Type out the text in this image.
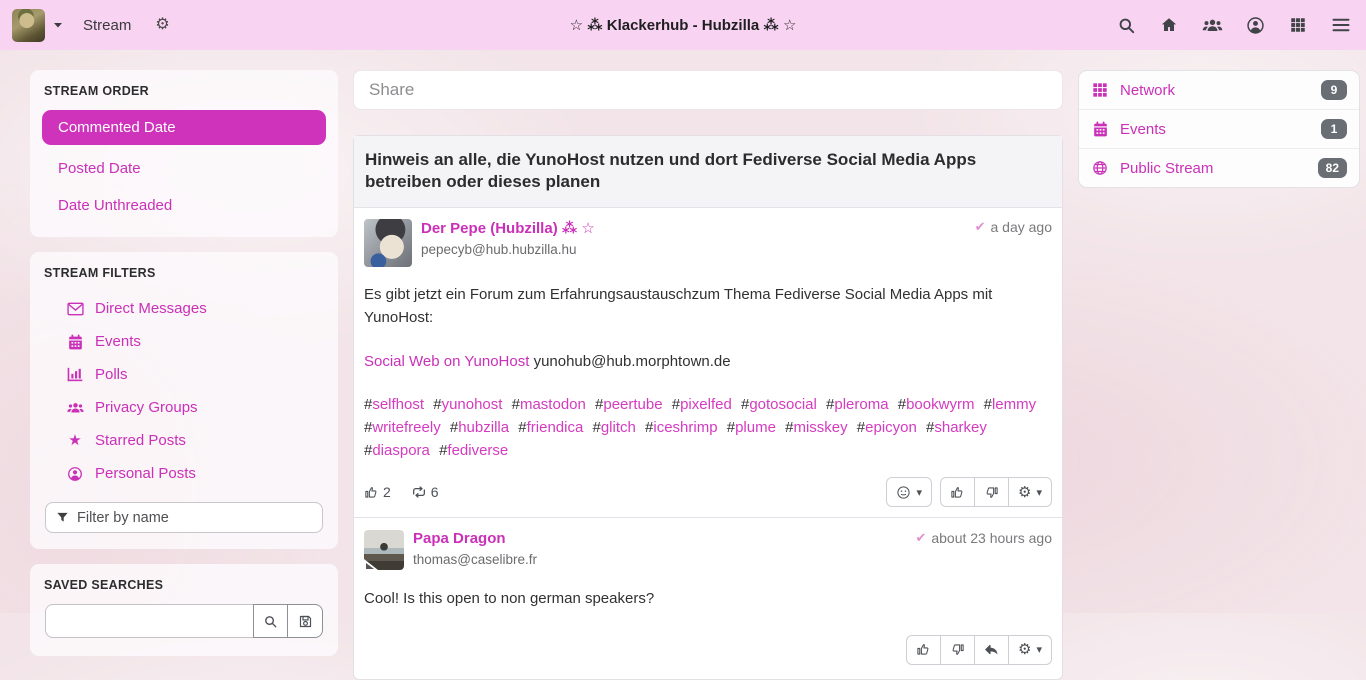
Stream ⚙	☆ ⁂ Klackerhub - Hubzilla ⁂ ☆
STREAM ORDER
Commented Date
Posted Date
Date Unthreaded
STREAM FILTERS
Direct Messages
Events
Polls
Privacy Groups
★ Starred Posts
Personal Posts
Filter by name
SAVED SEARCHES
Share
Hinweis an alle, die YunoHost nutzen und dort Fediverse Social Media Apps betreiben oder dieses planen
Der Pepe (Hubzilla) ⁂ ☆
pepecyb@hub.hubzilla.hu
✔ a day ago

Es gibt jetzt ein Forum zum Erfahrungsaustauschzum Thema Fediverse Social Media Apps mit YunoHost:

Social Web on YunoHost yunohub@hub.morphtown.de

#selfhost #yunohost #mastodon #peertube #pixelfed #gotosocial #pleroma #bookwyrm #lemmy #writefreely #hubzilla #friendica #glitch #iceshrimp #plume #misskey #epicyon #sharkey #diaspora #fediverse
2	6	▾	⚙ ▾
Papa Dragon
thomas@caselibre.fr
✔ about 23 hours ago

Cool! Is this open to non german speakers?

⚙ ▾
Network	9
Events	1
Public Stream	82
